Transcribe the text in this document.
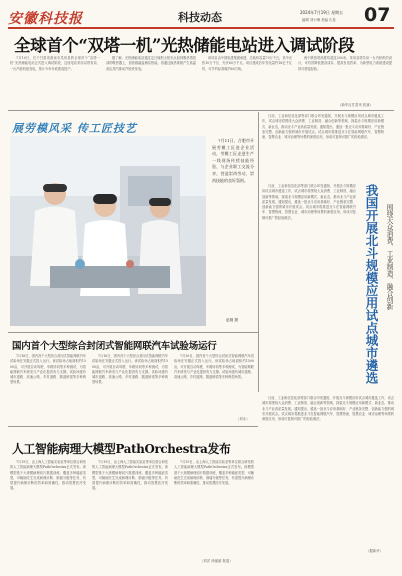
安徽科技报	科技动态	2024年7月19日 星期五
编辑 刘小琳 美编 孔星 07
全球首个“双塔一机”光热储能电站进入调试阶段

7月10日，位于甘肃省酒泉市瓜州县的全球首个“双塔一机”光热储能电站正式进入调试阶段，这座电站采用双塔布局、一台汽轮机组发电，预计今年年底建成投产。

据了解，光热储能电站通过定日镜把太阳光反射到吸热塔顶部的吸热器上，加热熔融盐储存热能，再通过换热系统产生高温高压蒸汽推动汽轮机发电。

该项目由中国电建集团承建，总装机容量70万千瓦，其中光热10万千瓦、光伏60万千瓦。项目建成后年发电量约18亿千瓦时，可节约标准煤约60万吨。

两个吸热塔高度均超过200米，采用双塔共用一台汽轮机的设计，可有效降低建设成本，提高发电效率，为新型电力系统建设提供可借鉴经验。

（新华社甘肃讯 张斌）
展劳模风采 传工匠技艺

7月11日，合肥市开展劳模工匠进企业活动，劳模工匠走进生产一线现场传授技能经验，与企业职工交流分享，营造崇尚劳动、崇尚技能的良好氛围。

赵刚 摄

日前，工业和信息化部等部门联合印发通知，开展北斗规模应用试点城市遴选工作，试点城市将围绕大众消费、工业制造、融合创新等领域，探索北斗规模应用新模式、新业态，推动北斗产业高质量发展。通知提出，遴选一批北斗应用基础好、产业链条完整、创新能力强的城市开展试点。试点城市将推进北斗在智能网联汽车、智慧物流、智慧农业、城市治理等场景的深度应用，形成可复制可推广的经验做法。

我国开展北斗规模应用试点城市遴选 围绕大众消费、工业制造、融合创新

日前，工业和信息化部等部门联合印发通知，开展北斗规模应用试点城市遴选工作，试点城市将围绕大众消费、工业制造、融合创新等领域，探索北斗规模应用新模式、新业态，推动北斗产业高质量发展。通知提出，遴选一批北斗应用基础好、产业链条完整、创新能力强的城市开展试点。试点城市将推进北斗在智能网联汽车、智慧物流、智慧农业、城市治理等场景的深度应用，形成可复制可推广的经验做法。

日前，工业和信息化部等部门联合印发通知，开展北斗规模应用试点城市遴选工作，试点城市将围绕大众消费、工业制造、融合创新等领域，探索北斗规模应用新模式、新业态，推动北斗产业高质量发展。通知提出，遴选一批北斗应用基础好、产业链条完整、创新能力强的城市开展试点。试点城市将推进北斗在智能网联汽车、智慧物流、智慧农业、城市治理等场景的深度应用，形成可复制可推广的经验做法。

（据新华）
国内首个大型综合封闭式智能网联汽车试验场运行

7月16日，国内首个大型综合封闭式智能网联汽车试验场在安徽正式投入运行。该试验场占地面积约1500亩，可开展自动驾驶、车路协同等多种测试，为智能网联汽车研发与产业化提供有力支撑。试验场建有城市道路、高速公路、乡村道路、隧道桥梁等多种典型场景。

7月16日，国内首个大型综合封闭式智能网联汽车试验场在安徽正式投入运行。该试验场占地面积约1500亩，可开展自动驾驶、车路协同等多种测试，为智能网联汽车研发与产业化提供有力支撑。试验场建有城市道路、高速公路、乡村道路、隧道桥梁等多种典型场景。

7月16日，国内首个大型综合封闭式智能网联汽车试验场在安徽正式投入运行。该试验场占地面积约1500亩，可开展自动驾驶、车路协同等多种测试，为智能网联汽车研发与产业化提供有力支撑。试验场建有城市道路、高速公路、乡村道路、隧道桥梁等多种典型场景。

（刘永）
人工智能病理大模型PathOrchestra发布

7月19日，由上海人工智能实验室等单位联合研发的人工智能病理大模型PathOrchestra正式发布。该模型基于大规模病理切片数据训练，覆盖多种癌症类型，可辅助医生完成病理诊断、肿瘤分级等任务，有望提升病理诊断的效率和准确性，推动智慧医疗发展。

7月19日，由上海人工智能实验室等单位联合研发的人工智能病理大模型PathOrchestra正式发布。该模型基于大规模病理切片数据训练，覆盖多种癌症类型，可辅助医生完成病理诊断、肿瘤分级等任务，有望提升病理诊断的效率和准确性，推动智慧医疗发展。

7月19日，由上海人工智能实验室等单位联合研发的人工智能病理大模型PathOrchestra正式发布。该模型基于大规模病理切片数据训练，覆盖多种癌症类型，可辅助医生完成病理诊断、肿瘤分级等任务，有望提升病理诊断的效率和准确性，推动智慧医疗发展。

（刘洋 徐丽丽 报道）
